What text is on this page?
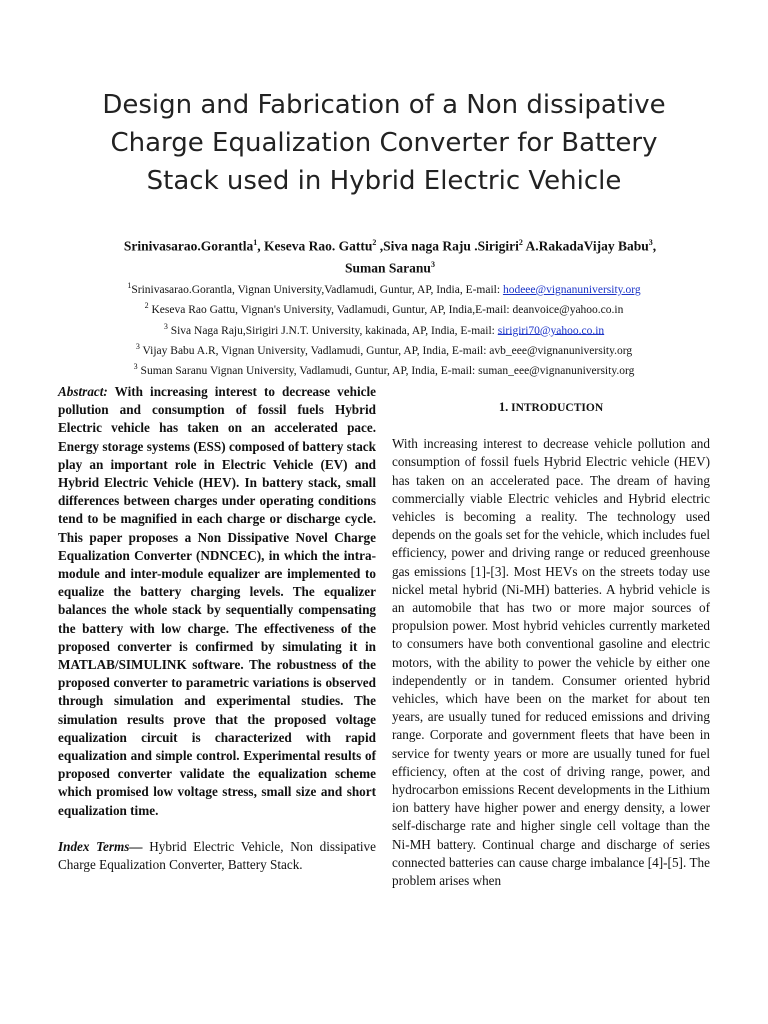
Design and Fabrication of a Non dissipative
Charge Equalization Converter for Battery
Stack used in Hybrid Electric Vehicle
Srinivasarao.Gorantla$^1$, Keseva Rao. Gattu$^2$ ,Siva naga Raju .Sirigiri$^2$ A.RakadaVijay Babu$^3$, Suman Saranu$^3$
$^1$Srinivasarao.Gorantla, Vignan University,Vadlamudi, Guntur, AP, India, E-mail: hodeee@vignanuniversity.org
$^2$ Keseva Rao Gattu, Vignan's University, Vadlamudi, Guntur, AP, India,E-mail: deanvoice@yahoo.co.in
$^3$ Siva Naga Raju,Sirigiri J.N.T. University, kakinada, AP, India, E-mail: sirigiri70@yahoo.co.in
$^3$ Vijay Babu A.R, Vignan University, Vadlamudi, Guntur, AP, India, E-mail: avb_eee@vignanuniversity.org
$^3$ Suman Saranu Vignan University, Vadlamudi, Guntur, AP, India, E-mail: suman_eee@vignanuniversity.org
Abstract: With increasing interest to decrease vehicle pollution and consumption of fossil fuels Hybrid Electric vehicle has taken on an accelerated pace. Energy storage systems (ESS) composed of battery stack play an important role in Electric Vehicle (EV) and Hybrid Electric Vehicle (HEV). In battery stack, small differences between charges under operating conditions tend to be magnified in each charge or discharge cycle. This paper proposes a Non Dissipative Novel Charge Equalization Converter (NDNCEC), in which the intra-module and inter-module equalizer are implemented to equalize the battery charging levels. The equalizer balances the whole stack by sequentially compensating the battery with low charge. The effectiveness of the proposed converter is confirmed by simulating it in MATLAB/SIMULINK software. The robustness of the proposed converter to parametric variations is observed through simulation and experimental studies. The simulation results prove that the proposed voltage equalization circuit is characterized with rapid equalization and simple control. Experimental results of proposed converter validate the equalization scheme which promised low voltage stress, small size and short equalization time.
Index Terms— Hybrid Electric Vehicle, Non dissipative Charge Equalization Converter, Battery Stack.
1. INTRODUCTION
With increasing interest to decrease vehicle pollution and consumption of fossil fuels Hybrid Electric vehicle (HEV) has taken on an accelerated pace. The dream of having commercially viable Electric vehicles and Hybrid electric vehicles is becoming a reality. The technology used depends on the goals set for the vehicle, which includes fuel efficiency, power and driving range or reduced greenhouse gas emissions [1]-[3]. Most HEVs on the streets today use nickel metal hybrid (Ni-MH) batteries. A hybrid vehicle is an automobile that has two or more major sources of propulsion power. Most hybrid vehicles currently marketed to consumers have both conventional gasoline and electric motors, with the ability to power the vehicle by either one independently or in tandem. Consumer oriented hybrid vehicles, which have been on the market for about ten years, are usually tuned for reduced emissions and driving range. Corporate and government fleets that have been in service for twenty years or more are usually tuned for fuel efficiency, often at the cost of driving range, power, and hydrocarbon emissions Recent developments in the Lithium ion battery have higher power and energy density, a lower self-discharge rate and higher single cell voltage than the Ni-MH battery. Continual charge and discharge of series connected batteries can cause charge imbalance [4]-[5]. The problem arises when
